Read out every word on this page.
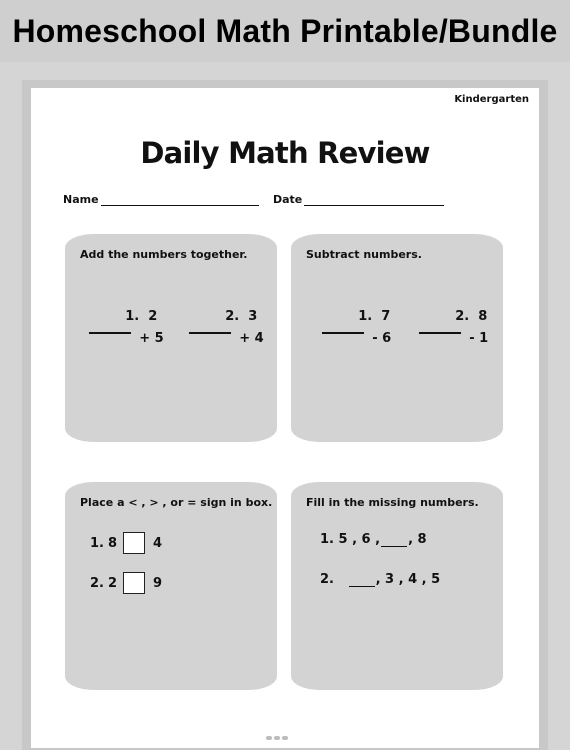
Homeschool Math Printable/Bundle
Kindergarten
Daily Math Review
Name	Date
Add the numbers together.

1. 2

+ 5

2. 3

+ 4

Subtract numbers.

1. 7

- 6

2. 8

- 1

Place a < , > , or = sign in box.
1. 8	4
2. 2	9
Fill in the missing numbers.
1.
5 , 6 , , 8
2.
	, 3 , 4 , 5
